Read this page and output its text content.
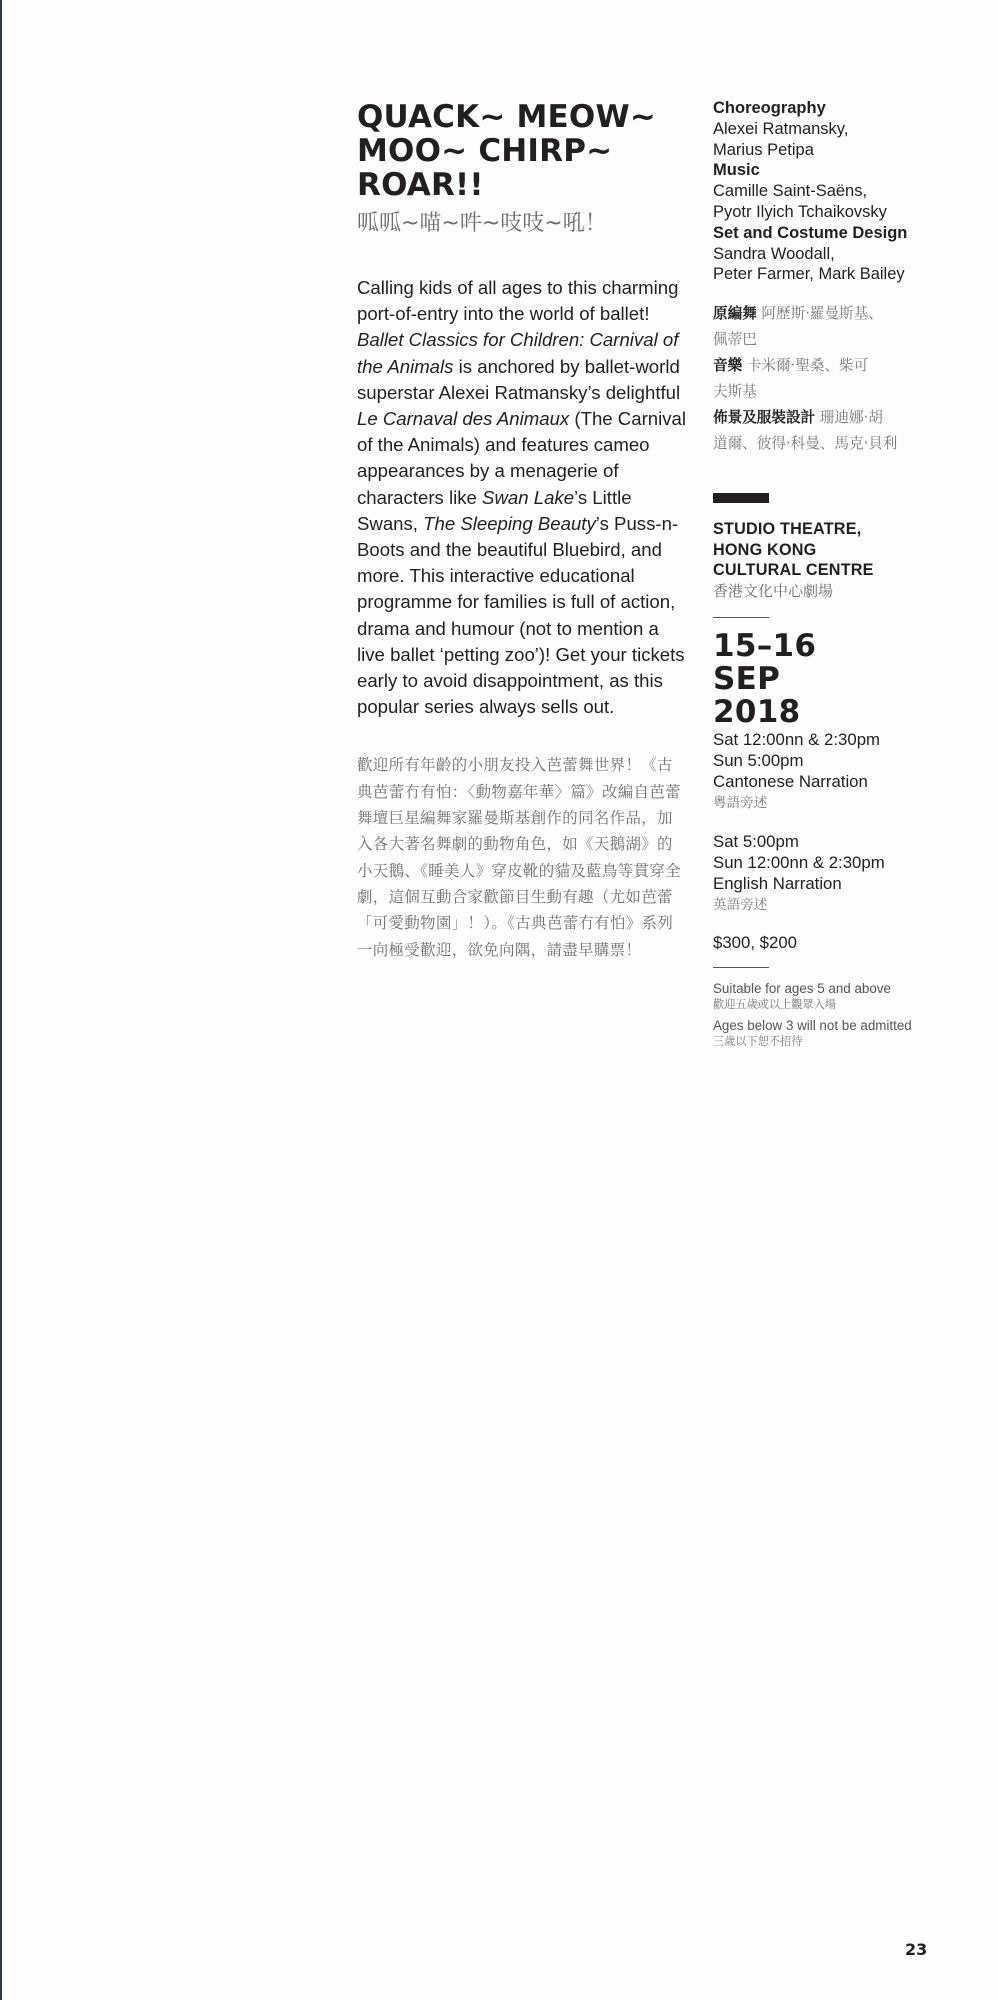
QUACK~ MEOW~
MOO~ CHIRP~
ROAR!!
呱呱~喵~吽~吱吱~吼！

Calling kids of all ages to this charming port-of-entry into the world of ballet! Ballet Classics for Children: Carnival of the Animals is anchored by ballet-world superstar Alexei Ratmansky’s delightful Le Carnaval des Animaux (The Carnival of the Animals) and features cameo appearances by a menagerie of characters like Swan Lake’s Little Swans, The Sleeping Beauty’s Puss-n-Boots and the beautiful Bluebird, and more. This interactive educational programme for families is full of action, drama and humour (not to mention a live ballet ‘petting zoo’)! Get your tickets early to avoid disappointment, as this popular series always sells out.

歡迎所有年齡的小朋友投入芭蕾舞世界！《古典芭蕾冇有怕：〈動物嘉年華〉篇》改編自芭蕾舞壇巨星編舞家羅曼斯基創作的同名作品，加入各大著名舞劇的動物角色，如《天鵝湖》的小天鵝、《睡美人》穿皮靴的貓及藍鳥等貫穿全劇，這個互動合家歡節目生動有趣（尤如芭蕾「可愛動物園」！）。《古典芭蕾冇有怕》系列一向極受歡迎，欲免向隅，請盡早購票！

Choreography
Alexei Ratmansky,
Marius Petipa
Music
Camille Saint-Saëns,
Pyotr Ilyich Tchaikovsky
Set and Costume Design
Sandra Woodall,
Peter Farmer, Mark Bailey
原編舞 阿歷斯‧羅曼斯基、
佩蒂巴
音樂 卡米爾‧聖桑、柴可
夫斯基
佈景及服裝設計 珊迪娜‧胡
道爾、彼得‧科曼、馬克‧貝利
STUDIO THEATRE,
HONG KONG
CULTURAL CENTRE
香港文化中心劇場
15–16
SEP
2018
Sat 12:00nn & 2:30pm
Sun 5:00pm
Cantonese Narration
粵語旁述
Sat 5:00pm
Sun 12:00nn & 2:30pm
English Narration
英語旁述
$300, $200
Suitable for ages 5 and above
歡迎五歲或以上觀眾入場
Ages below 3 will not be admitted
三歲以下恕不招待
23
